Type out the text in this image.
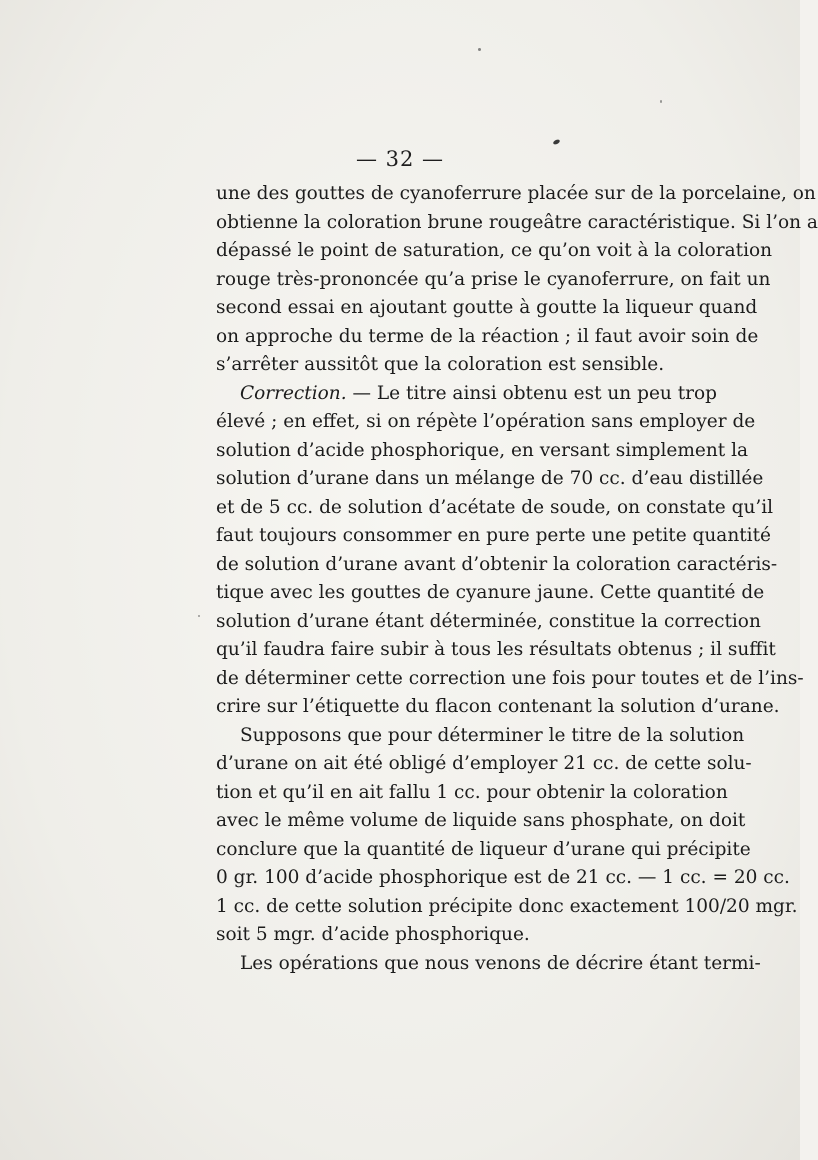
— 32 —
une des gouttes de cyanoferrure placée sur de la porcelaine, on
obtienne la coloration brune rougeâtre caractéristique. Si l’on a
dépassé le point de saturation, ce qu’on voit à la coloration
rouge très-prononcée qu’a prise le cyanoferrure, on fait un
second essai en ajoutant goutte à goutte la liqueur quand
on approche du terme de la réaction ; il faut avoir soin de
s’arrêter aussitôt que la coloration est sensible.
Correction. — Le titre ainsi obtenu est un peu trop
élevé ; en effet, si on répète l’opération sans employer de
solution d’acide phosphorique, en versant simplement la
solution d’urane dans un mélange de 70 cc. d’eau distillée
et de 5 cc. de solution d’acétate de soude, on constate qu’il
faut toujours consommer en pure perte une petite quantité
de solution d’urane avant d’obtenir la coloration caractéris-
tique avec les gouttes de cyanure jaune. Cette quantité de
solution d’urane étant déterminée, constitue la correction
qu’il faudra faire subir à tous les résultats obtenus ; il suffit
de déterminer cette correction une fois pour toutes et de l’ins-
crire sur l’étiquette du flacon contenant la solution d’urane.
Supposons que pour déterminer le titre de la solution
d’urane on ait été obligé d’employer 21 cc. de cette solu-
tion et qu’il en ait fallu 1 cc. pour obtenir la coloration
avec le même volume de liquide sans phosphate, on doit
conclure que la quantité de liqueur d’urane qui précipite
0 gr. 100 d’acide phosphorique est de 21 cc. — 1 cc. = 20 cc.
1 cc. de cette solution précipite donc exactement 100/20 mgr.
soit 5 mgr. d’acide phosphorique.
Les opérations que nous venons de décrire étant termi-
